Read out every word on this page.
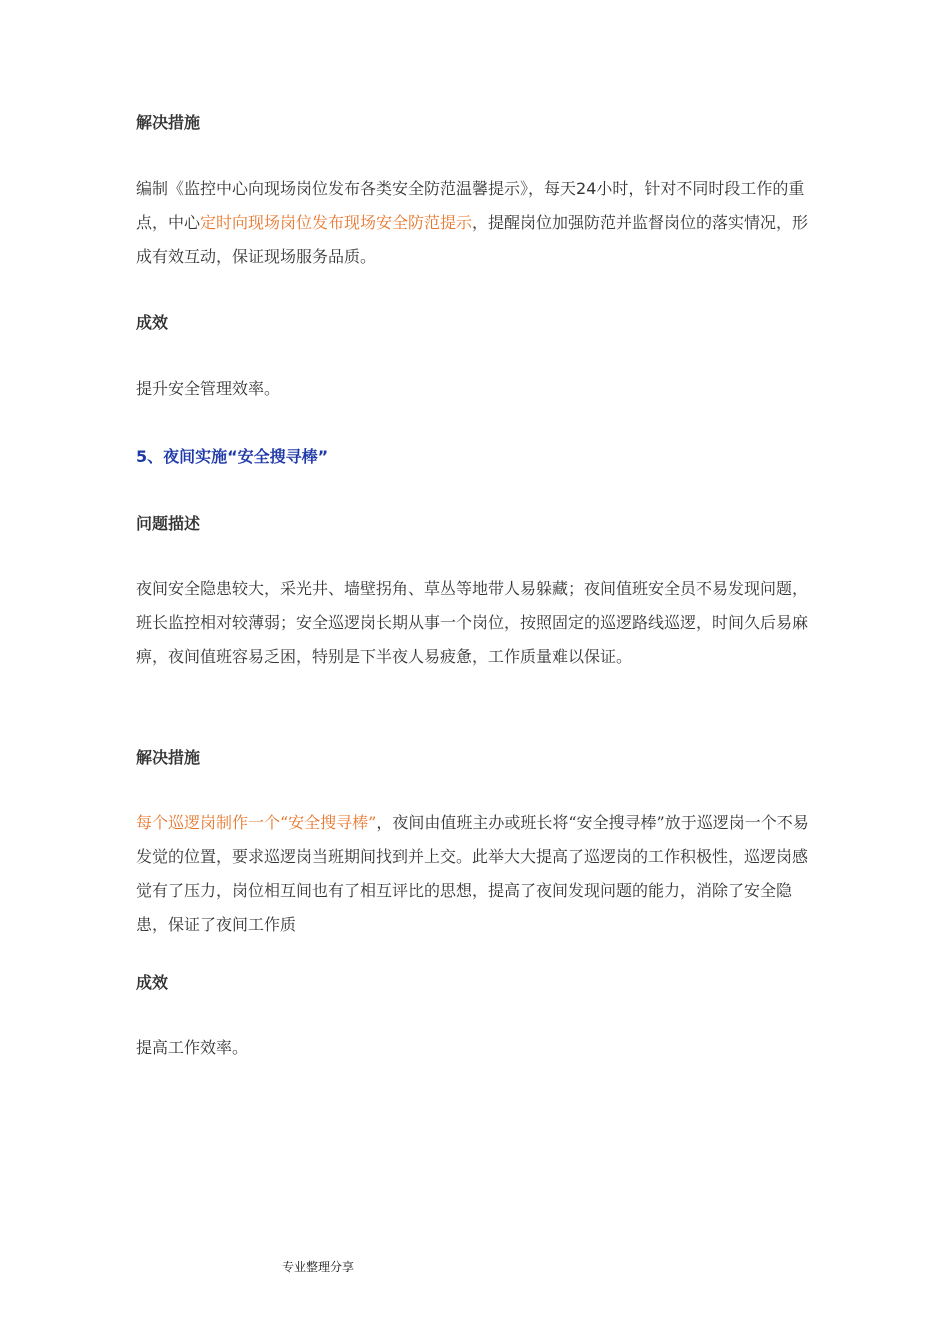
解决措施

编制《监控中心向现场岗位发布各类安全防范温馨提示》，每天24小时，针对不同时段工作的重点，中心定时向现场岗位发布现场安全防范提示，提醒岗位加强防范并监督岗位的落实情况，形成有效互动，保证现场服务品质。

成效

提升安全管理效率。

5、夜间实施“安全搜寻棒”
问题描述

夜间安全隐患较大，采光井、墙壁拐角、草丛等地带人易躲藏；夜间值班安全员不易发现问题，班长监控相对较薄弱；安全巡逻岗长期从事一个岗位，按照固定的巡逻路线巡逻，时间久后易麻痹，夜间值班容易乏困，特别是下半夜人易疲惫，工作质量难以保证。

解决措施

每个巡逻岗制作一个“安全搜寻棒”，夜间由值班主办或班长将“安全搜寻棒”放于巡逻岗一个不易发觉的位置，要求巡逻岗当班期间找到并上交。此举大大提高了巡逻岗的工作积极性，巡逻岗感觉有了压力，岗位相互间也有了相互评比的思想，提高了夜间发现问题的能力，消除了安全隐患，保证了夜间工作质

成效

提高工作效率。

专业整理分享
